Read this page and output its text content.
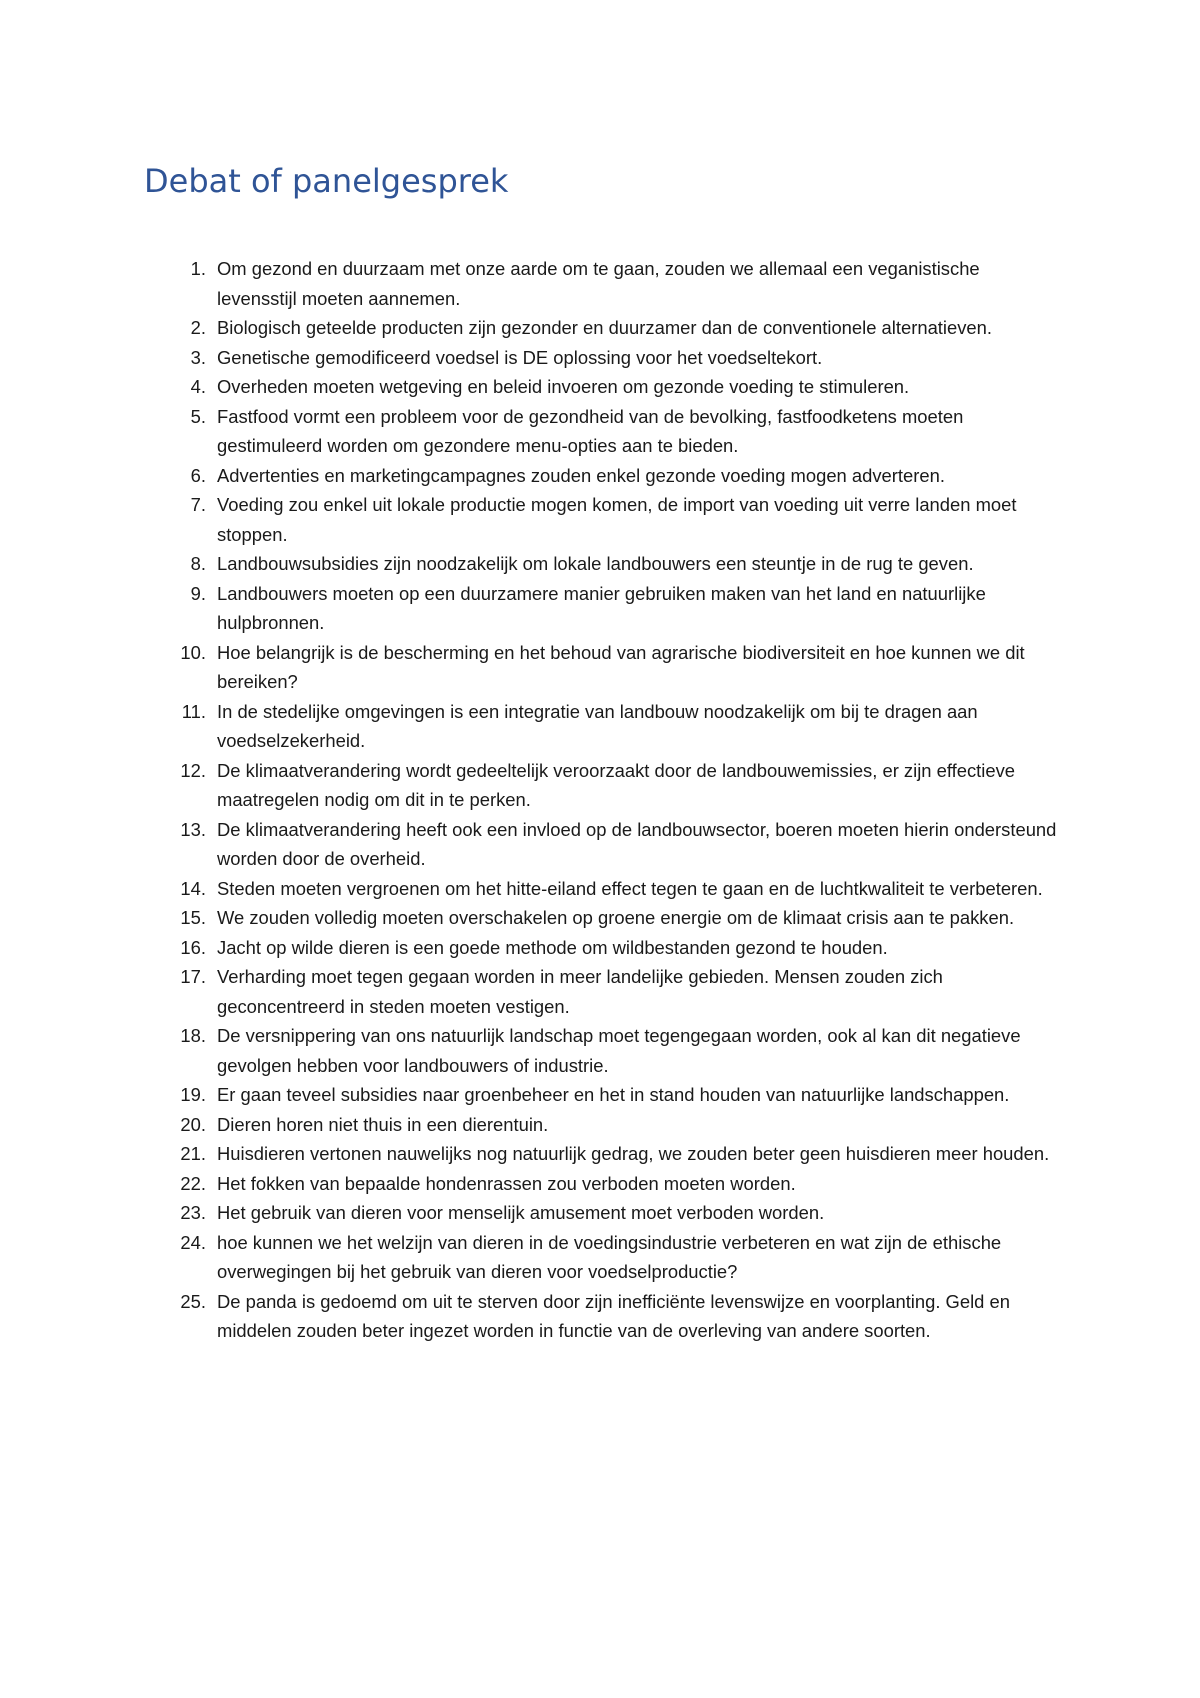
Debat of panelgesprek
1. Om gezond en duurzaam met onze aarde om te gaan, zouden we allemaal een veganistische levensstijl moeten aannemen.
2. Biologisch geteelde producten zijn gezonder en duurzamer dan de conventionele alternatieven.
3. Genetische gemodificeerd voedsel is DE oplossing voor het voedseltekort.
4. Overheden moeten wetgeving en beleid invoeren om gezonde voeding te stimuleren.
5. Fastfood vormt een probleem voor de gezondheid van de bevolking, fastfoodketens moeten gestimuleerd worden om gezondere menu-opties aan te bieden.
6. Advertenties en marketingcampagnes zouden enkel gezonde voeding mogen adverteren.
7. Voeding zou enkel uit lokale productie mogen komen, de import van voeding uit verre landen moet stoppen.
8. Landbouwsubsidies zijn noodzakelijk om lokale landbouwers een steuntje in de rug te geven.
9. Landbouwers moeten op een duurzamere manier gebruiken maken van het land en natuurlijke hulpbronnen.
10. Hoe belangrijk is de bescherming en het behoud van agrarische biodiversiteit en hoe kunnen we dit bereiken?
11. In de stedelijke omgevingen is een integratie van landbouw noodzakelijk om bij te dragen aan voedselzekerheid.
12. De klimaatverandering wordt gedeeltelijk veroorzaakt door de landbouwemissies, er zijn effectieve maatregelen nodig om dit in te perken.
13. De klimaatverandering heeft ook een invloed op de landbouwsector, boeren moeten hierin ondersteund worden door de overheid.
14. Steden moeten vergroenen om het hitte-eiland effect tegen te gaan en de luchtkwaliteit te verbeteren.
15. We zouden volledig moeten overschakelen op groene energie om de klimaat crisis aan te pakken.
16. Jacht op wilde dieren is een goede methode om wildbestanden gezond te houden.
17. Verharding moet tegen gegaan worden in meer landelijke gebieden. Mensen zouden zich geconcentreerd in steden moeten vestigen.
18. De versnippering van ons natuurlijk landschap moet tegengegaan worden, ook al kan dit negatieve gevolgen hebben voor landbouwers of industrie.
19. Er gaan teveel subsidies naar groenbeheer en het in stand houden van natuurlijke landschappen.
20. Dieren horen niet thuis in een dierentuin.
21. Huisdieren vertonen nauwelijks nog natuurlijk gedrag, we zouden beter geen huisdieren meer houden.
22. Het fokken van bepaalde hondenrassen zou verboden moeten worden.
23. Het gebruik van dieren voor menselijk amusement moet verboden worden.
24. hoe kunnen we het welzijn van dieren in de voedingsindustrie verbeteren en wat zijn de ethische overwegingen bij het gebruik van dieren voor voedselproductie?
25. De panda is gedoemd om uit te sterven door zijn inefficiënte levenswijze en voorplanting. Geld en middelen zouden beter ingezet worden in functie van de overleving van andere soorten.
